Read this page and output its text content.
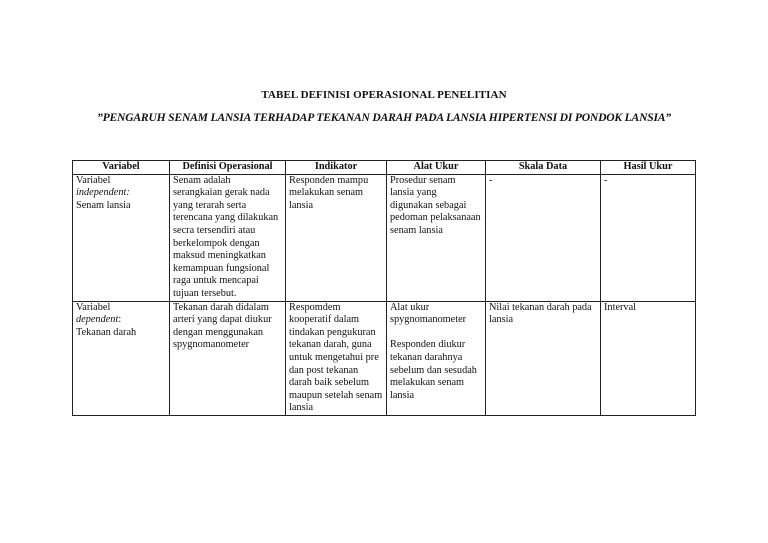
TABEL DEFINISI OPERASIONAL PENELITIAN
”PENGARUH SENAM LANSIA TERHADAP TEKANAN DARAH PADA LANSIA HIPERTENSI DI PONDOK LANSIA”
Variabel	Definisi Operasional	Indikator	Alat Ukur	Skala Data	Hasil Ukur
Variabel
independent:
Senam lansia	Senam adalah serangkaian gerak nada yang terarah serta terencana yang dilakukan secra tersendiri atau berkelompok dengan maksud meningkatkan kemampuan fungsional raga untuk mencapai tujuan tersebut.	Responden mampu melakukan senam lansia	Prosedur senam lansia yang digunakan sebagai pedoman pelaksanaan senam lansia	-	-
Variabel
dependent:
Tekanan darah	Tekanan darah didalam arteri yang dapat diukur dengan menggunakan spygnomanometer	Respomdem kooperatif dalam tindakan pengukuran tekanan darah, guna untuk mengetahui pre dan post tekanan darah baik sebelum maupun setelah senam lansia	Alat ukur spygnomanometer
Responden diukur tekanan darahnya sebelum dan sesudah melakukan senam lansia	Nilai tekanan darah pada lansia	Interval
